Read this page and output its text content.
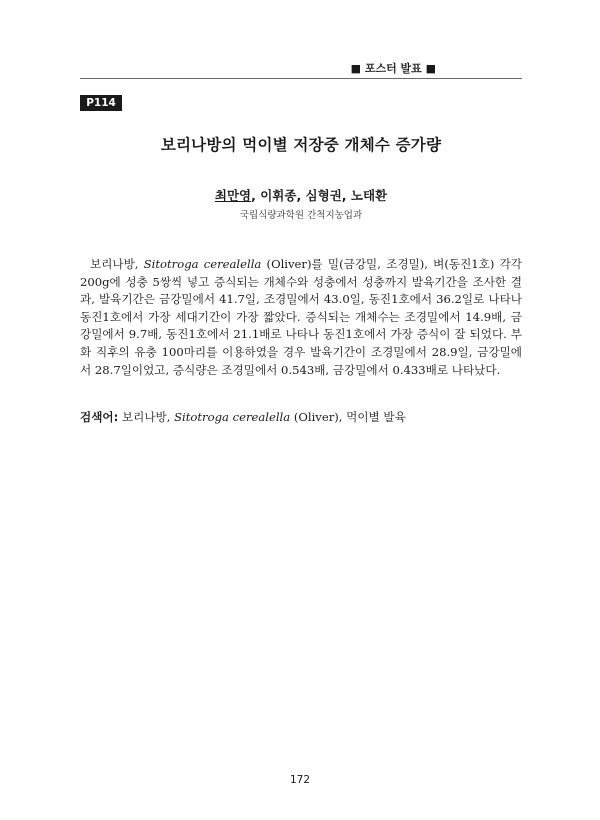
■ 포스터 발표 ■
P114
보리나방의 먹이별 저장중 개체수 증가량
최만영, 이휘종, 심형권, 노태환
국립식량과학원 간척지농업과
보리나방, Sitotroga cerealella (Oliver)를 밀(금강밀, 조경밀), 벼(동진1호) 각각 200g에 성충 5쌍씩 넣고 증식되는 개체수와 성충에서 성충까지 발육기간을 조사한 결과, 발육기간은 금강밀에서 41.7일, 조경밀에서 43.0일, 동진1호에서 36.2일로 나타나 동진1호에서 가장 세대기간이 가장 짧았다. 증식되는 개체수는 조경밀에서 14.9배, 금강밀에서 9.7배, 동진1호에서 21.1배로 나타나 동진1호에서 가장 증식이 잘 되었다. 부화 직후의 유충 100마리를 이용하였을 경우 발육기간이 조경밀에서 28.9일, 금강밀에서 28.7일이었고, 증식량은 조경밀에서 0.543배, 금강밀에서 0.433배로 나타났다.
검색어: 보리나방, Sitotroga cerealella (Oliver), 먹이별 발육
172
